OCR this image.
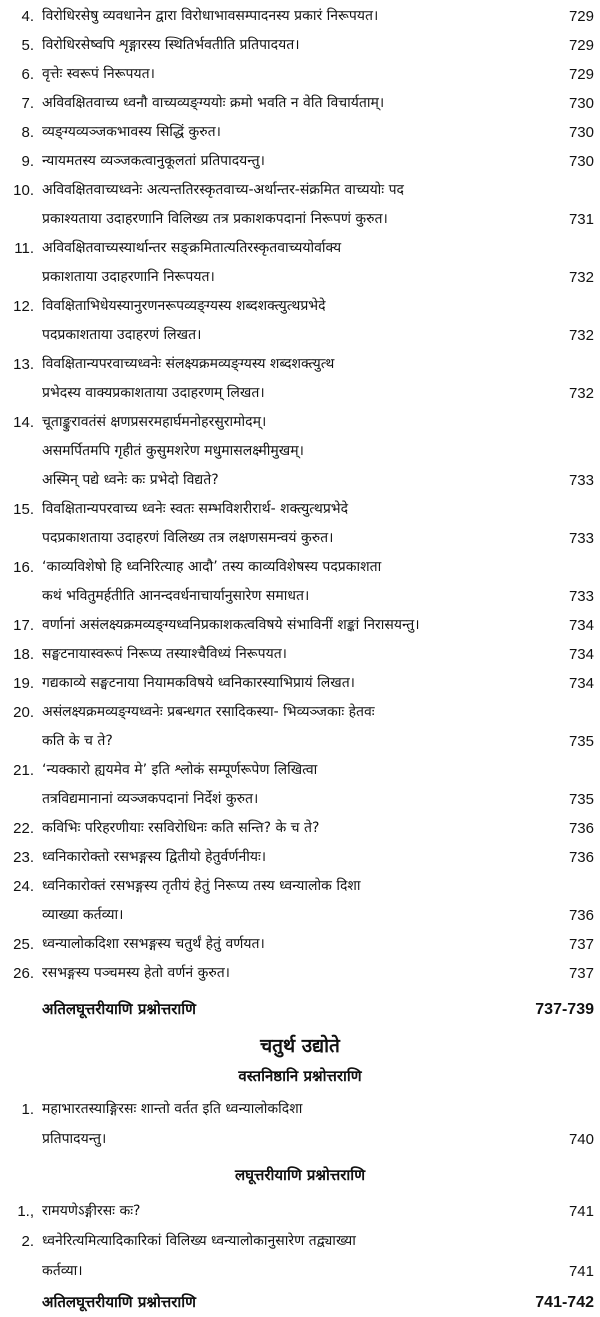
4. विरोधिरसेषु व्यवधानेन द्वारा विरोधाभावसम्पादनस्य प्रकारं निरूपयत।	729
5. विरोधिरसेष्वपि शृङ्गारस्य स्थितिर्भवतीति प्रतिपादयत।	729
6. वृत्तेः स्वरूपं निरूपयत।	729
7. अविवक्षितवाच्य ध्वनौ वाच्यव्यङ्ग्ययोः क्रमो भवति न वेति विचार्यताम्।	730
8. व्यङ्ग्यव्यञ्जकभावस्य सिद्धिं कुरुत।	730
9. न्यायमतस्य व्यञ्जकत्वानुकूलतां प्रतिपादयन्तु।	730
10. अविवक्षितवाच्यध्वनेः अत्यन्ततिरस्कृतवाच्य-अर्थान्तर-संक्रमित वाच्ययोः पद
प्रकाश्यताया उदाहरणानि विलिख्य तत्र प्रकाशकपदानां निरूपणं कुरुत।	731
11. अविवक्षितवाच्यस्यार्थान्तर सङ्क्रमितात्यतिरस्कृतवाच्ययोर्वाक्य
प्रकाशताया उदाहरणानि निरूपयत।	732
12. विवक्षिताभिधेयस्यानुरणनरूपव्यङ्ग्यस्य शब्दशक्त्युत्थप्रभेदे
पदप्रकाशताया उदाहरणं लिखत।	732
13. विवक्षितान्यपरवाच्यध्वनेः संलक्ष्यक्रमव्यङ्ग्यस्य शब्दशक्त्युत्थ
प्रभेदस्य वाक्यप्रकाशताया उदाहरणम् लिखत।	732
14. चूताङ्कुरावतंसं क्षणप्रसरमहार्घमनोहरसुरामोदम्।
असमर्पितमपि गृहीतं कुसुमशरेण मधुमासलक्ष्मीमुखम्।
अस्मिन् पद्ये ध्वनेः कः प्रभेदो विद्यते?	733
15. विवक्षितान्यपरवाच्य ध्वनेः स्वतः सम्भविशरीरार्थ- शक्त्युत्थप्रभेदे
पदप्रकाशताया उदाहरणं विलिख्य तत्र लक्षणसमन्वयं कुरुत।	733
16. ‘काव्यविशेषो हि ध्वनिरित्याह आदौ’ तस्य काव्यविशेषस्य पदप्रकाशता
कथं भवितुमर्हतीति आनन्दवर्धनाचार्यानुसारेण समाधत।	733
17. वर्णानां असंलक्ष्यक्रमव्यङ्ग्यध्वनिप्रकाशकत्वविषये संभाविनीं शङ्कां निरासयन्तु।	734
18. सङ्घटनायास्वरूपं निरूप्य तस्याश्चैविध्यं निरूपयत।	734
19. गद्यकाव्ये सङ्घटनाया नियामकविषये ध्वनिकारस्याभिप्रायं लिखत।	734
20. असंलक्ष्यक्रमव्यङ्ग्यध्वनेः प्रबन्धगत रसादिकस्या- भिव्यञ्जकाः हेतवः
कति के च ते?	735
21. ‘न्यक्कारो ह्ययमेव मे’ इति श्लोकं सम्पूर्णरूपेण लिखित्वा
तत्रविद्यमानानां व्यञ्जकपदानां निर्देशं कुरुत।	735
22. कविभिः परिहरणीयाः रसविरोधिनः कति सन्ति? के च ते?	736
23. ध्वनिकारोक्तो रसभङ्गस्य द्वितीयो हेतुर्वर्णनीयः।	736
24. ध्वनिकारोक्तं रसभङ्गस्य तृतीयं हेतुं निरूप्य तस्य ध्वन्यालोक दिशा
व्याख्या कर्तव्या।	736
25. ध्वन्यालोकदिशा रसभङ्गस्य चतुर्थं हेतुं वर्णयत।	737
26. रसभङ्गस्य पञ्चमस्य हेतो वर्णनं कुरुत।	737
अतिलघूत्तरीयाणि प्रश्नोत्तराणि	737-739
चतुर्थ उद्योते
वस्तनिष्ठानि प्रश्नोत्तराणि
1. महाभारतस्याङ्गिरसः शान्तो वर्तत इति ध्वन्यालोकदिशा
प्रतिपादयन्तु।	740
लघूत्तरीयाणि प्रश्नोत्तराणि
1., रामयणेऽङ्गीरसः कः?	741
2. ध्वनेरित्यमित्यादिकारिकां विलिख्य ध्वन्यालोकानुसारेण तद्व्याख्या
कर्तव्या।	741
अतिलघूत्तरीयाणि प्रश्नोत्तराणि	741-742
